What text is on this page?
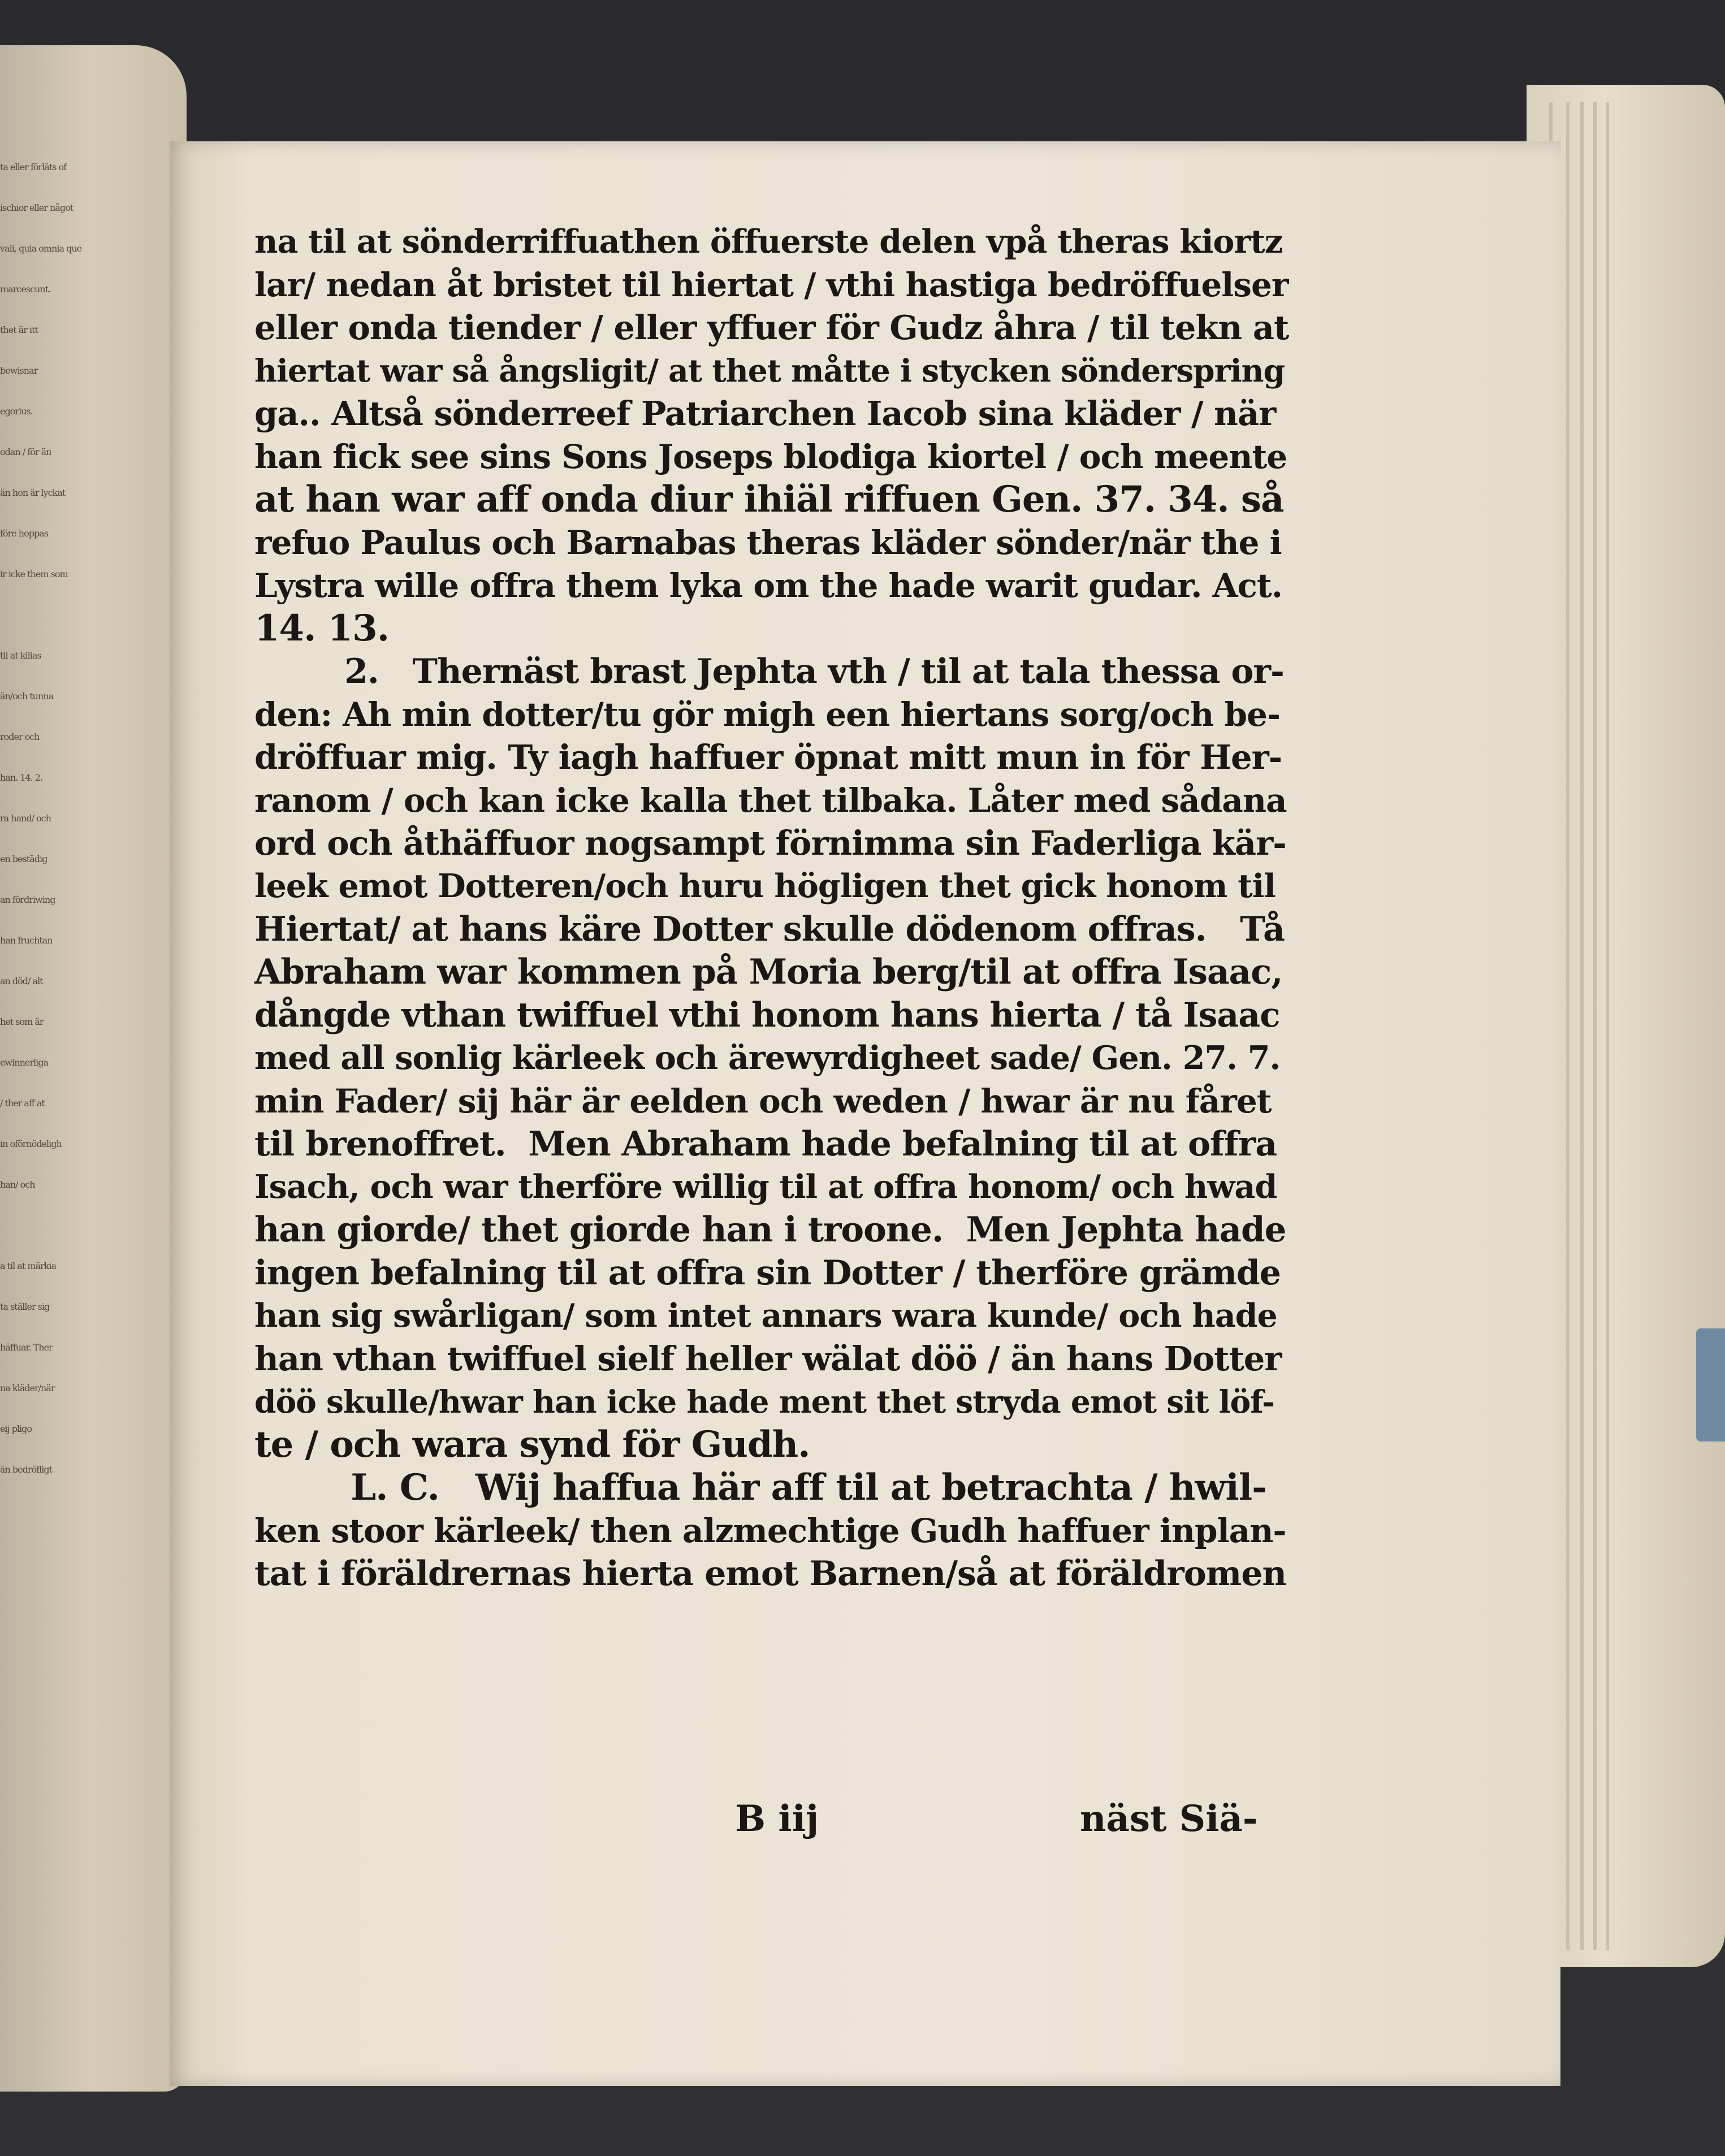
ta eller förläts of
ischior eller något
vali, quia omnia que
marcescunt.
thet är itt
bewisnar
egorius.
odan / för än
än hon är lyckat
före hoppas
ir icke them som
til at kilias
än/och tunna
roder och
han. 14. 2.
ra hand/ och
en bestädig
an fördriwing
han fruchtan
an död/ alt
het som är
ewinnerliga
/ ther aff at
in oförnödeligh
han/ och
a til at märkia
ta ställer sig
häffuar. Ther
na kläder/när
eij pligo
än bedröfligt
na til at sönderriffuathen öffuerste delen vpå theras kiortz
lar/ nedan åt bristet til hiertat / vthi hastiga bedröffuelser
eller onda tiender / eller yffuer för Gudz åhra / til tekn at
hiertat war så ångsligit/ at thet måtte i stycken sönderspring
ga.. Altså sönderreef Patriarchen Iacob sina kläder / när
han fick see sins Sons Joseps blodiga kiortel / och meente
at han war aff onda diur ihiäl riffuen Gen. 37. 34. så
refuo Paulus och Barnabas theras kläder sönder/när the i
Lystra wille offra them lyka om the hade warit gudar. Act.
14. 13.
2.   Thernäst brast Jephta vth / til at tala thessa or-
den: Ah min dotter/tu gör migh een hiertans sorg/och be-
dröffuar mig. Ty iagh haffuer öpnat mitt mun in för Her-
ranom / och kan icke kalla thet tilbaka. Låter med sådana
ord och åthäffuor nogsampt förnimma sin Faderliga kär-
leek emot Dotteren/och huru högligen thet gick honom til
Hiertat/ at hans käre Dotter skulle dödenom offras.   Tå
Abraham war kommen på Moria berg/til at offra Isaac,
dångde vthan twiffuel vthi honom hans hierta / tå Isaac
med all sonlig kärleek och ärewyrdigheet sade/ Gen. 27. 7.
min Fader/ sij här är eelden och weden / hwar är nu fåret
til brenoffret.  Men Abraham hade befalning til at offra
Isach, och war therföre willig til at offra honom/ och hwad
han giorde/ thet giorde han i troone.  Men Jephta hade
ingen befalning til at offra sin Dotter / therföre grämde
han sig swårligan/ som intet annars wara kunde/ och hade
han vthan twiffuel sielf heller wälat döö / än hans Dotter
döö skulle/hwar han icke hade ment thet stryda emot sit löf-
te / och wara synd för Gudh.
L. C.   Wij haffua här aff til at betrachta / hwil-
ken stoor kärleek/ then alzmechtige Gudh haffuer inplan-
tat i föräldrernas hierta emot Barnen/så at föräldromen
B iij	näst Siä-
